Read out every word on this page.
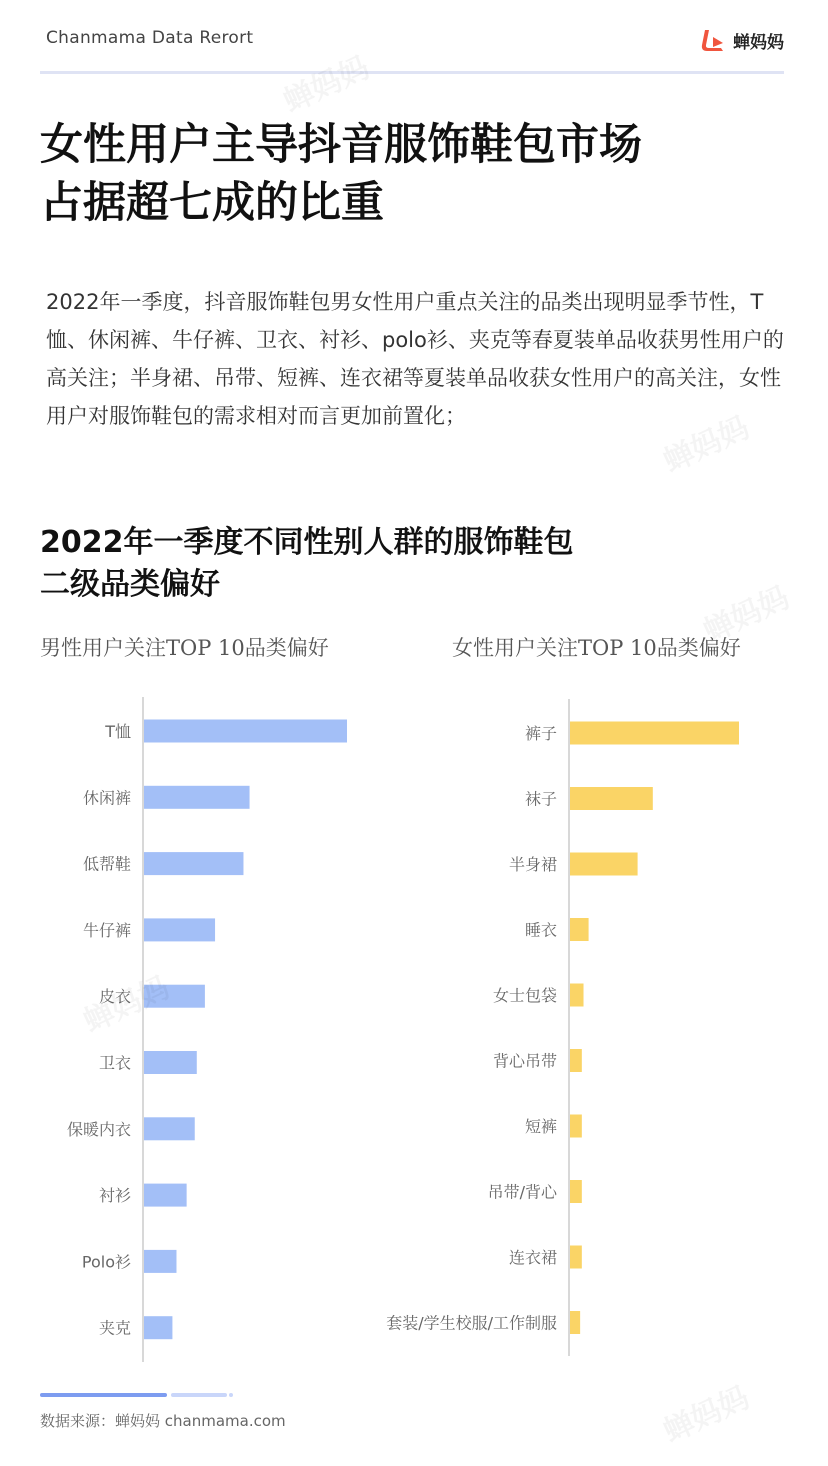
Chanmama Data Rerort	蝉妈妈
女性用户主导抖音服饰鞋包市场
占据超七成的比重

2022年一季度，抖音服饰鞋包男女性用户重点关注的品类出现明显季节性，T恤、休闲裤、牛仔裤、卫衣、衬衫、polo衫、夹克等春夏装单品收获男性用户的高关注；半身裙、吊带、短裤、连衣裙等夏装单品收获女性用户的高关注，女性用户对服饰鞋包的需求相对而言更加前置化；

2022年一季度不同性别人群的服饰鞋包
二级品类偏好
男性用户关注TOP 10品类偏好	女性用户关注TOP 10品类偏好
T恤
休闲裤
低帮鞋
牛仔裤
皮衣
卫衣
保暖内衣
衬衫
Polo衫
夹克
裤子
袜子
半身裙
睡衣
女士包袋
背心吊带
短裤
吊带/背心
连衣裙
套装/学生校服/工作制服
数据来源：蝉妈妈 chanmama.com
